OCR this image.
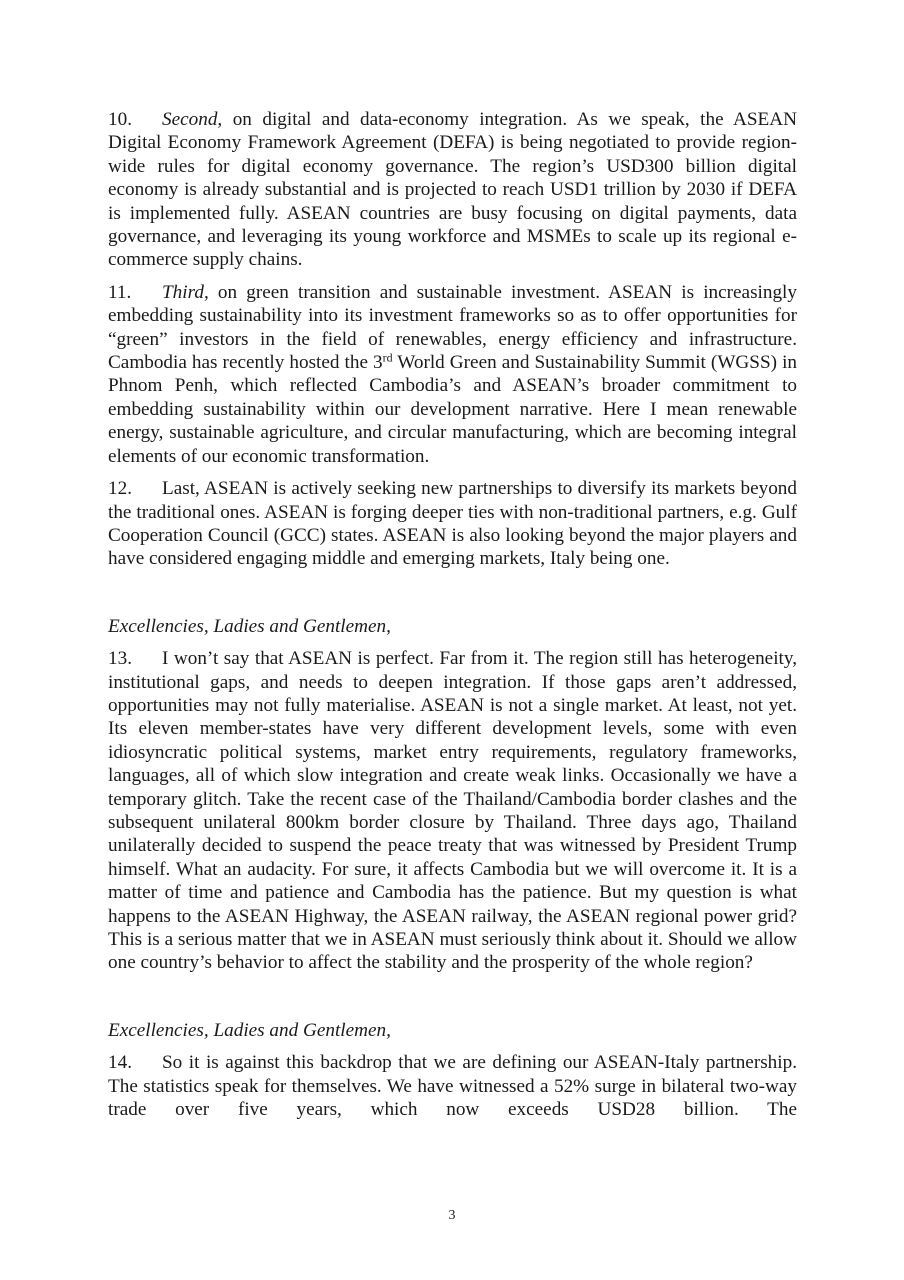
10. Second, on digital and data-economy integration. As we speak, the ASEAN Digital Economy Framework Agreement (DEFA) is being negotiated to provide region-wide rules for digital economy governance. The region’s USD300 billion digital economy is already substantial and is projected to reach USD1 trillion by 2030 if DEFA is implemented fully. ASEAN countries are busy focusing on digital payments, data governance, and leveraging its young workforce and MSMEs to scale up its regional e-commerce supply chains.

11. Third, on green transition and sustainable investment. ASEAN is increasingly embedding sustainability into its investment frameworks so as to offer opportunities for “green” investors in the field of renewables, energy efficiency and infrastructure. Cambodia has recently hosted the 3rd World Green and Sustainability Summit (WGSS) in Phnom Penh, which reflected Cambodia’s and ASEAN’s broader commitment to embedding sustainability within our development narrative. Here I mean renewable energy, sustainable agriculture, and circular manufacturing, which are becoming integral elements of our economic transformation.

12. Last, ASEAN is actively seeking new partnerships to diversify its markets beyond the traditional ones. ASEAN is forging deeper ties with non-traditional partners, e.g. Gulf Cooperation Council (GCC) states. ASEAN is also looking beyond the major players and have considered engaging middle and emerging markets, Italy being one.

Excellencies, Ladies and Gentlemen,

13. I won’t say that ASEAN is perfect. Far from it. The region still has heterogeneity, institutional gaps, and needs to deepen integration. If those gaps aren’t addressed, opportunities may not fully materialise. ASEAN is not a single market. At least, not yet. Its eleven member-states have very different development levels, some with even idiosyncratic political systems, market entry requirements, regulatory frameworks, languages, all of which slow integration and create weak links. Occasionally we have a temporary glitch. Take the recent case of the Thailand/Cambodia border clashes and the subsequent unilateral 800km border closure by Thailand. Three days ago, Thailand unilaterally decided to suspend the peace treaty that was witnessed by President Trump himself. What an audacity. For sure, it affects Cambodia but we will overcome it. It is a matter of time and patience and Cambodia has the patience. But my question is what happens to the ASEAN Highway, the ASEAN railway, the ASEAN regional power grid? This is a serious matter that we in ASEAN must seriously think about it. Should we allow one country’s behavior to affect the stability and the prosperity of the whole region?

Excellencies, Ladies and Gentlemen,

14. So it is against this backdrop that we are defining our ASEAN-Italy partnership. The statistics speak for themselves. We have witnessed a 52% surge in bilateral two-way trade over five years, which now exceeds USD28 billion. The

3
